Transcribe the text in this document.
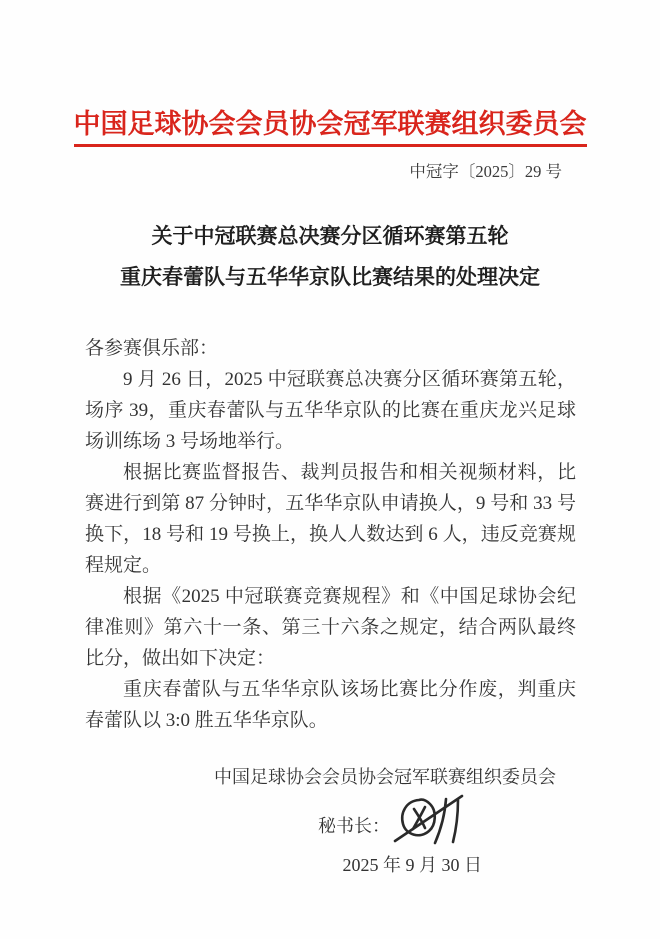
中国足球协会会员协会冠军联赛组织委员会
中冠字〔2025〕29 号
关于中冠联赛总决赛分区循环赛第五轮
重庆春蕾队与五华华京队比赛结果的处理决定

各参赛俱乐部：

9 月 26 日，2025 中冠联赛总决赛分区循环赛第五轮，场序 39，重庆春蕾队与五华华京队的比赛在重庆龙兴足球场训练场 3 号场地举行。

根据比赛监督报告、裁判员报告和相关视频材料，比赛进行到第 87 分钟时，五华华京队申请换人，9 号和 33 号换下，18 号和 19 号换上，换人人数达到 6 人，违反竞赛规程规定。

根据《2025 中冠联赛竞赛规程》和《中国足球协会纪律准则》第六十一条、第三十六条之规定，结合两队最终比分，做出如下决定：

重庆春蕾队与五华华京队该场比赛比分作废，判重庆春蕾队以 3:0 胜五华华京队。

中国足球协会会员协会冠军联赛组织委员会
秘书长：
2025 年 9 月 30 日
